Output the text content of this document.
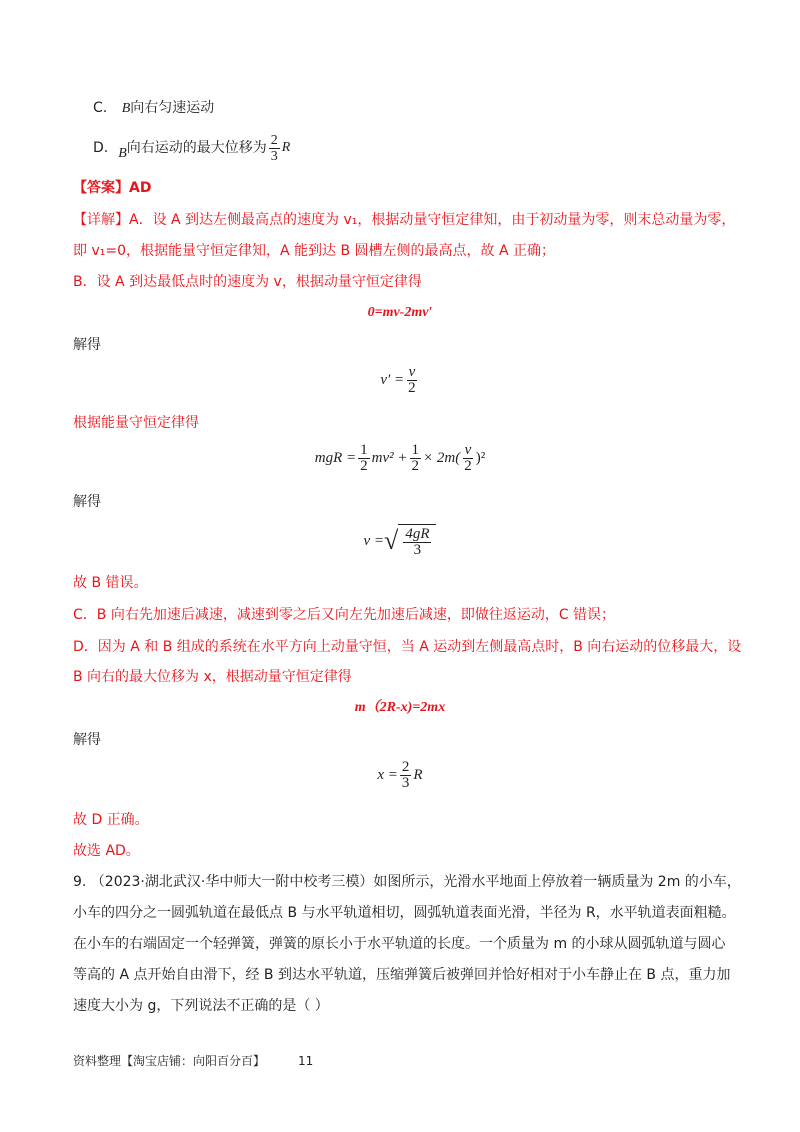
C. B向右匀速运动
D. B 向右运动的最大位移为 $\frac{2}{3}$ R
【答案】AD
【详解】A．设 A 到达左侧最高点的速度为 v₁，根据动量守恒定律知，由于初动量为零，则末总动量为零，
即 v₁=0，根据能量守恒定律知，A 能到达 B 圆槽左侧的最高点，故 A 正确；
B．设 A 到达最低点时的速度为 v，根据动量守恒定律得
0=mv-2mv′
解得
$v' = \frac{v}{2}$
根据能量守恒定律得
mgR = $\frac{1}{2} mv^2 + \frac{1}{2} \times 2m( \frac{v}{2} )^2$
解得
v = √ $\frac{4gR}{3}$
故 B 错误。
C．B 向右先加速后减速，减速到零之后又向左先加速后减速，即做往返运动，C 错误；
D．因为 A 和 B 组成的系统在水平方向上动量守恒，当 A 运动到左侧最高点时，B 向右运动的位移最大，设
B 向右的最大位移为 x，根据动量守恒定律得
m（2R-x)=2mx
解得
$x = \frac{2}{3}$ R
故 D 正确。
故选 AD。
9. （2023·湖北武汉·华中师大一附中校考三模）如图所示，光滑水平地面上停放着一辆质量为 2m 的小车，
小车的四分之一圆弧轨道在最低点 B 与水平轨道相切，圆弧轨道表面光滑，半径为 R，水平轨道表面粗糙。
在小车的右端固定一个轻弹簧，弹簧的原长小于水平轨道的长度。一个质量为 m 的小球从圆弧轨道与圆心
等高的 A 点开始自由滑下，经 B 到达水平轨道，压缩弹簧后被弹回并恰好相对于小车静止在 B 点，重力加
速度大小为 g，下列说法不正确的是（ ）
资料整理【淘宝店铺：向阳百分百】	11
